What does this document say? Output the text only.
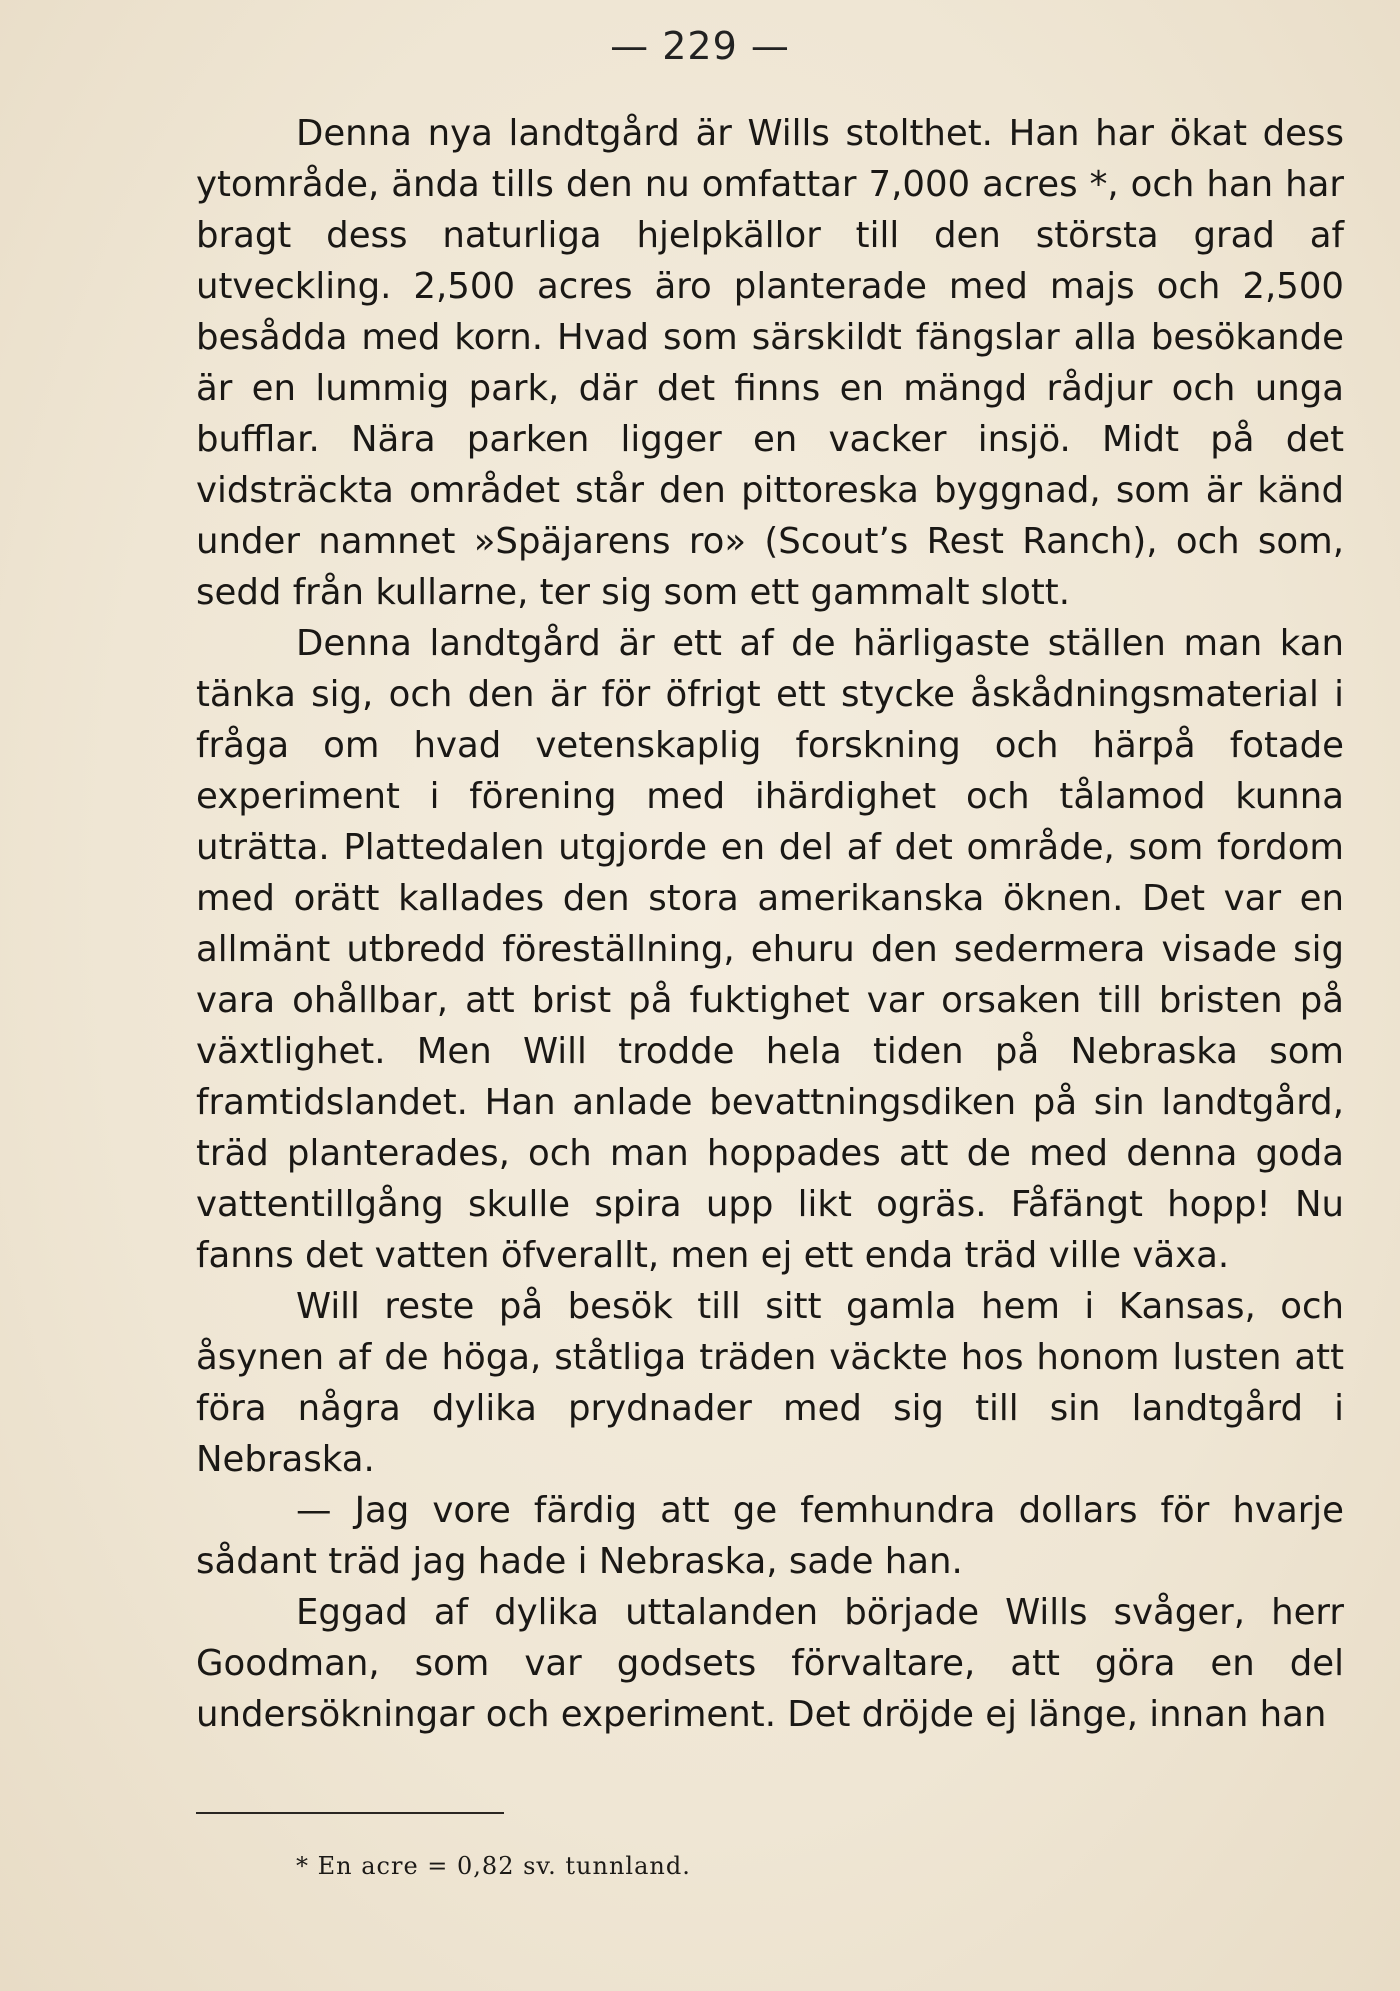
— 229 —

Denna nya landtgård är Wills stolthet. Han har ökat dess ytområde, ända tills den nu omfattar 7,000 acres *, och han har bragt dess naturliga hjelpkällor till den största grad af utveckling. 2,500 acres äro planterade med majs och 2,500 besådda med korn. Hvad som särskildt fängslar alla besökande är en lummig park, där det finns en mängd rådjur och unga bufflar. Nära parken ligger en vacker insjö. Midt på det vidsträckta området står den pittoreska byggnad, som är känd under namnet »Späjarens ro» (Scout’s Rest Ranch), och som, sedd från kullarne, ter sig som ett gammalt slott.

Denna landtgård är ett af de härligaste ställen man kan tänka sig, och den är för öfrigt ett stycke åskådningsmaterial i fråga om hvad vetenskaplig forskning och härpå fotade experiment i förening med ihärdighet och tålamod kunna uträtta. Plattedalen utgjorde en del af det område, som fordom med orätt kallades den stora amerikanska öknen. Det var en allmänt utbredd föreställning, ehuru den sedermera visade sig vara ohållbar, att brist på fuktighet var orsaken till bristen på växtlighet. Men Will trodde hela tiden på Nebraska som framtidslandet. Han anlade bevattningsdiken på sin landtgård, träd planterades, och man hoppades att de med denna goda vattentillgång skulle spira upp likt ogräs. Fåfängt hopp! Nu fanns det vatten öfverallt, men ej ett enda träd ville växa.

Will reste på besök till sitt gamla hem i Kansas, och åsynen af de höga, ståtliga träden väckte hos honom lusten att föra några dylika prydnader med sig till sin landtgård i Nebraska.

— Jag vore färdig att ge femhundra dollars för hvarje sådant träd jag hade i Nebraska, sade han.

Eggad af dylika uttalanden började Wills svåger, herr Goodman, som var godsets förvaltare, att göra en del undersökningar och experiment. Det dröjde ej länge, innan han

* En acre = 0,82 sv. tunnland.
